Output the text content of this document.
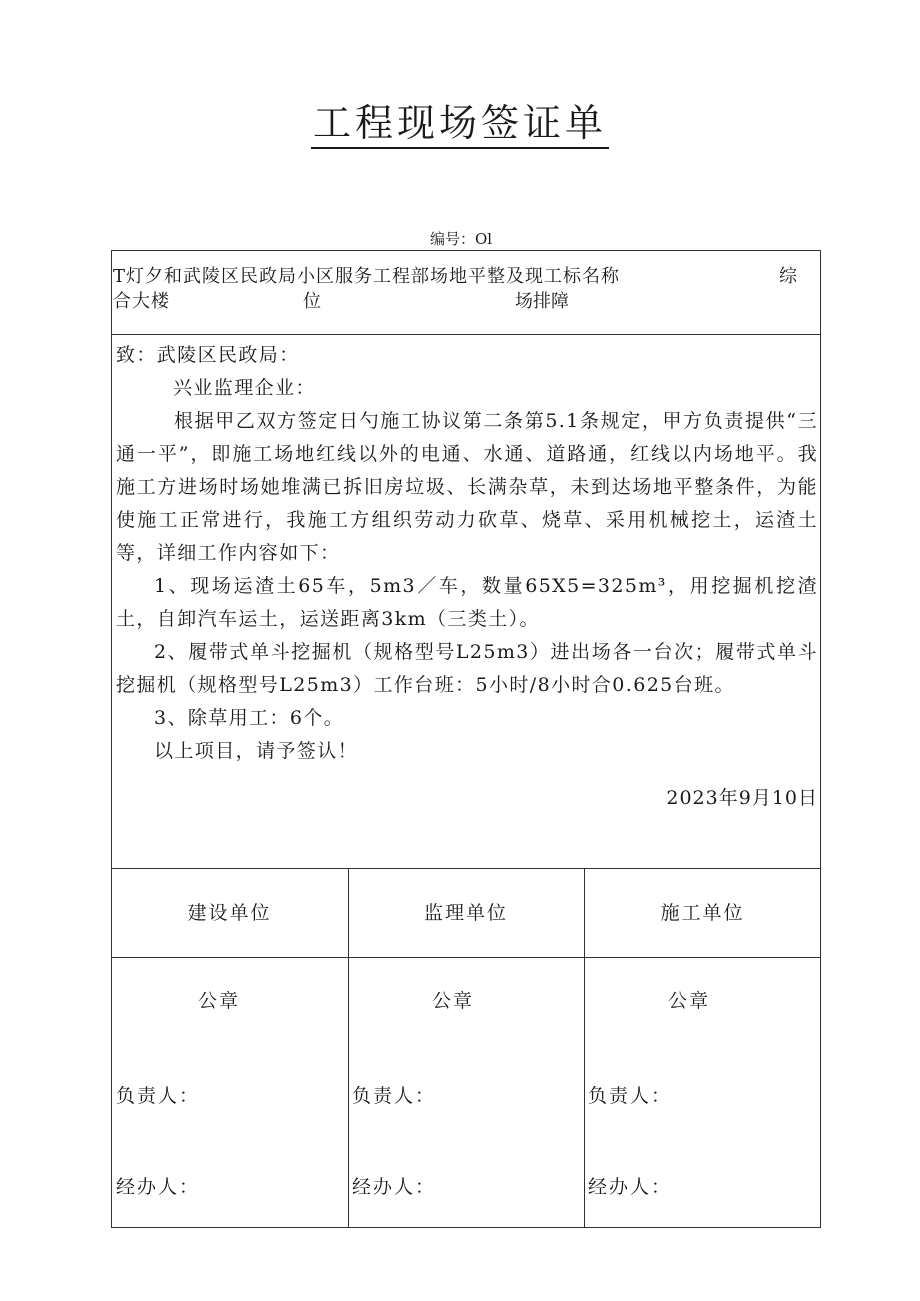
工程现场签证单
编号：Ol
T灯夕和武陵区民政局小区服务工程部场地平整及现工标名称	综
合大楼	位	场排障

致：武陵区民政局：

兴业监理企业：

根据甲乙双方签定日勺施工协议第二条第5.1条规定，甲方负责提供“三通一平”，即施工场地红线以外的电通、水通、道路通，红线以内场地平。我施工方进场时场她堆满已拆旧房垃圾、长满杂草，未到达场地平整条件，为能使施工正常进行，我施工方组织劳动力砍草、烧草、采用机械挖土，运渣土等，详细工作内容如下：

1、现场运渣土65车，5m3／车，数量65X5=325m³，用挖掘机挖渣土，自卸汽车运土，运送距离3km（三类土）。

2、履带式单斗挖掘机（规格型号L25m3）进出场各一台次；履带式单斗挖掘机（规格型号L25m3）工作台班：5小时/8小时合0.625台班。

3、除草用工：6个。

以上项目，请予签认！

2023年9月10日

建设单位	监理单位	施工单位
公章	公章	公章
负责人：	负责人：	负责人：
经办人：	经办人：	经办人：
